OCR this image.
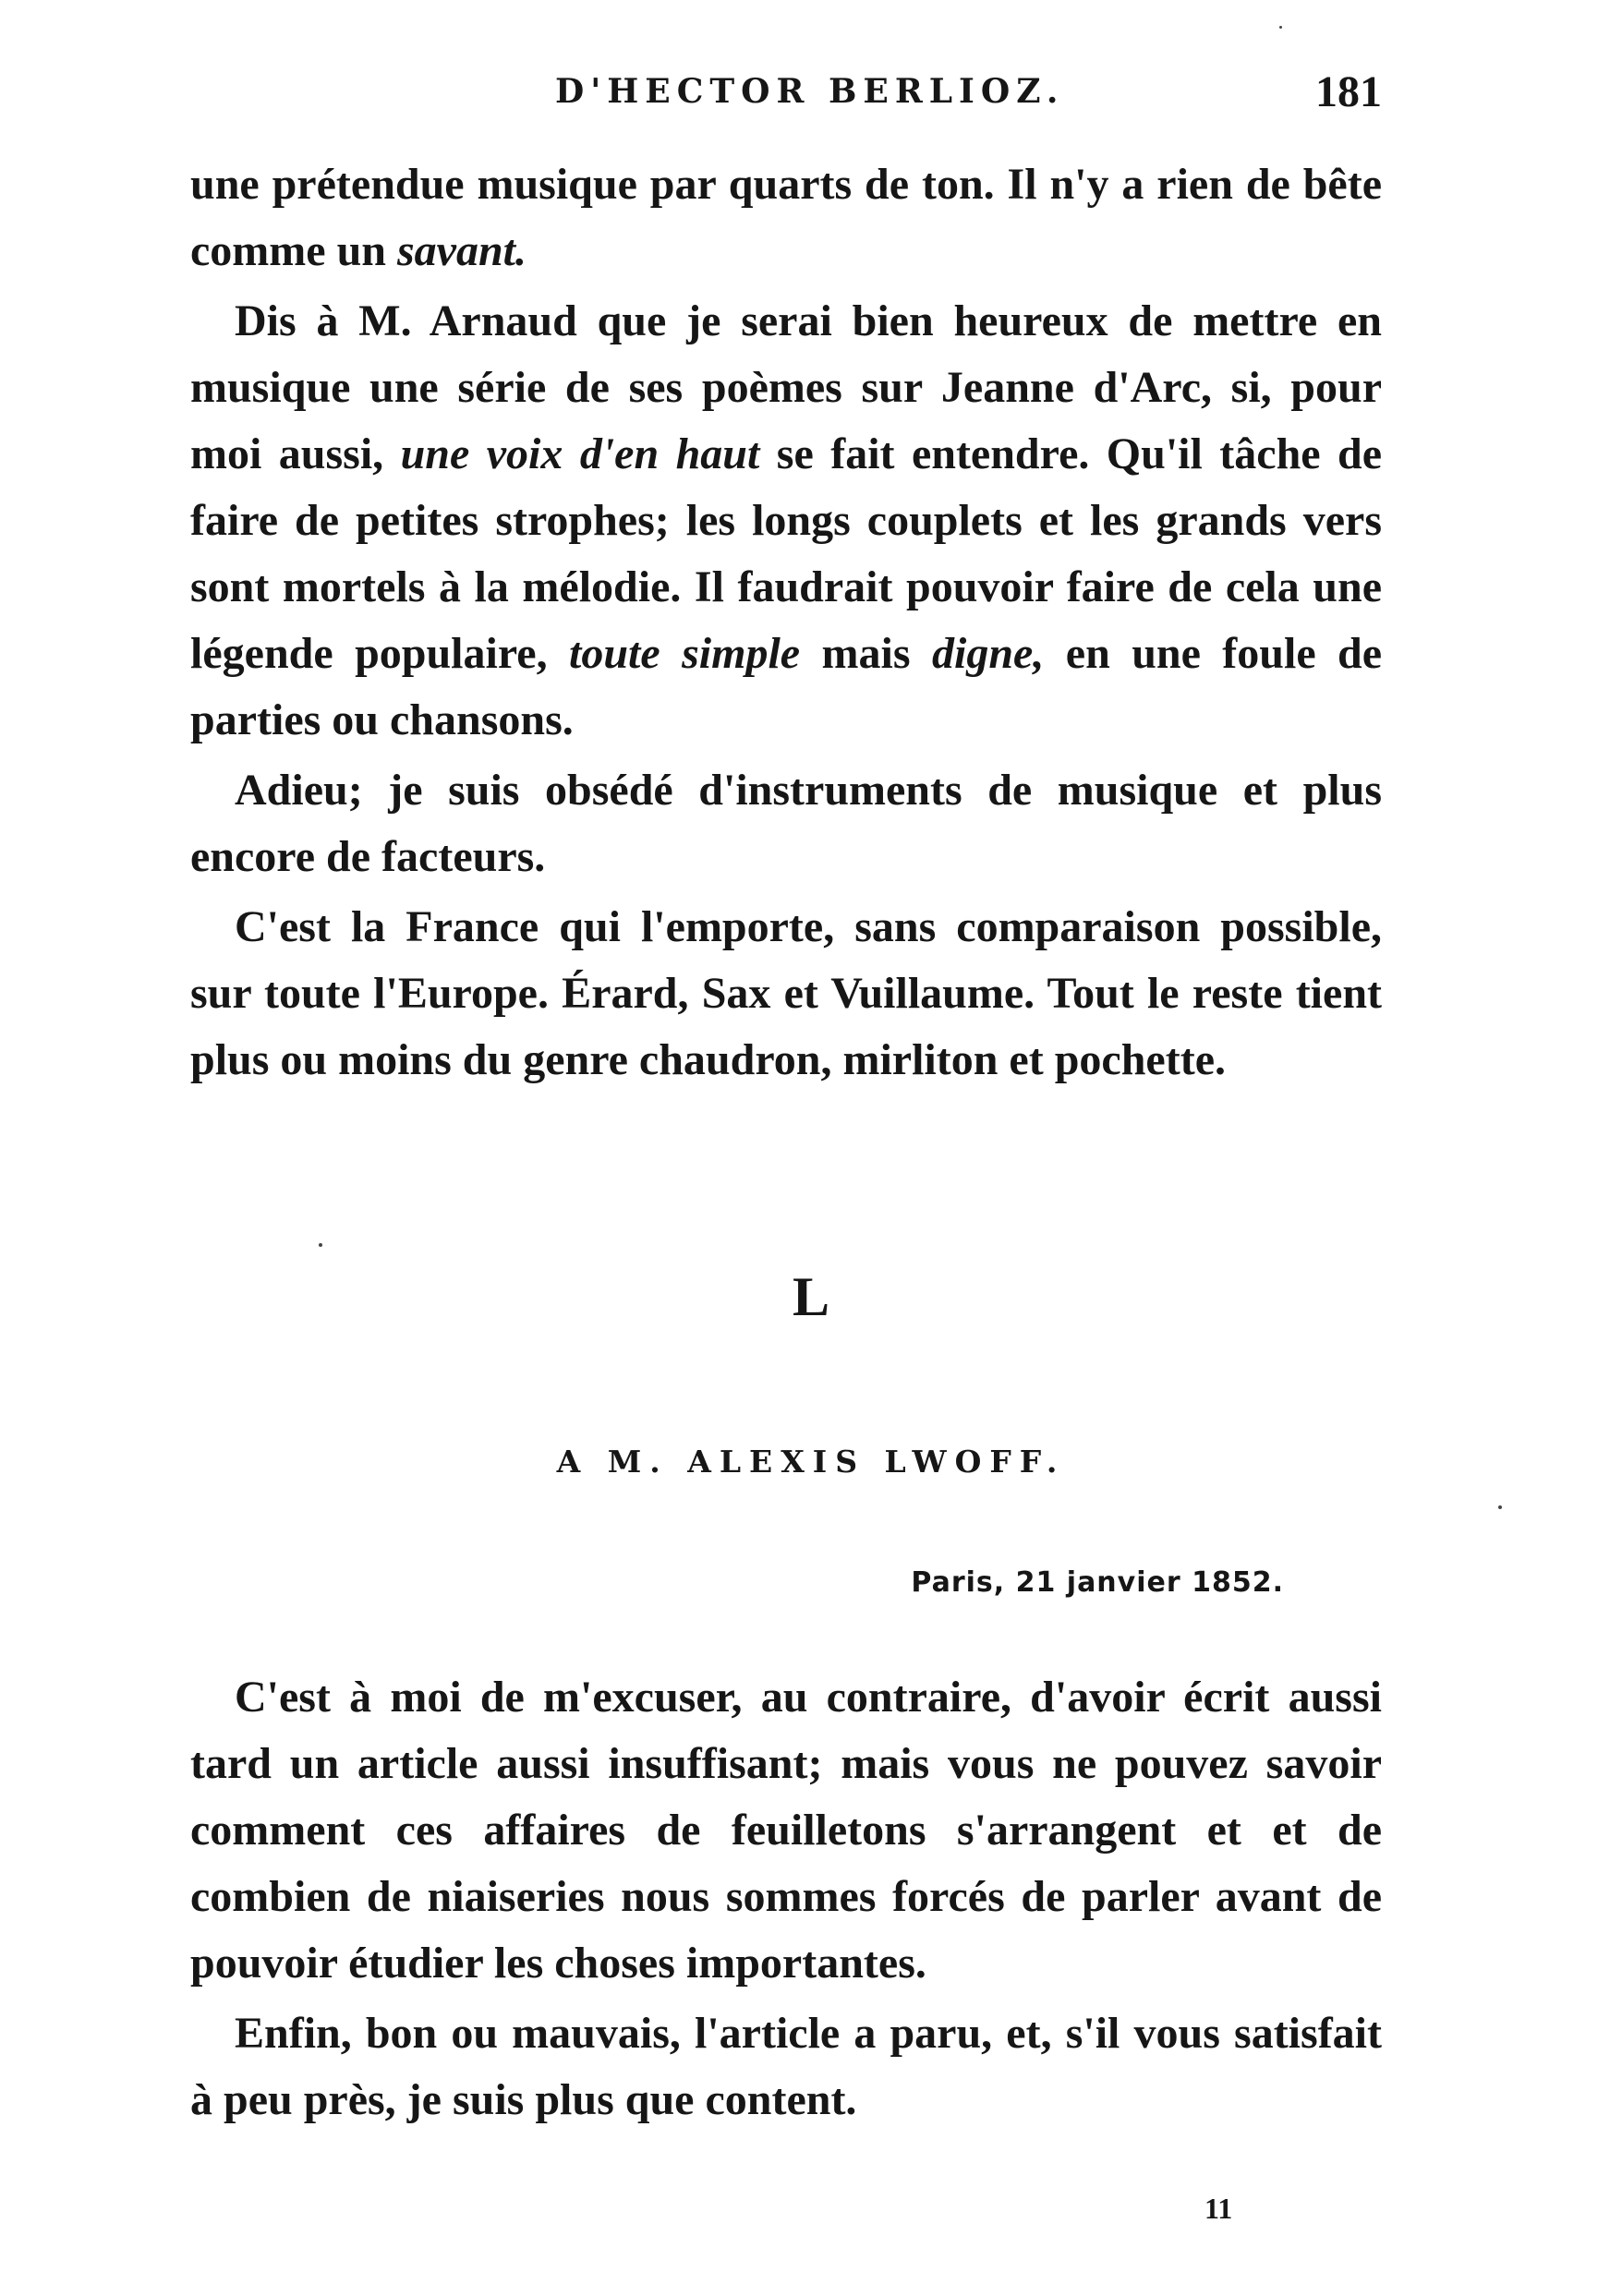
D'HECTOR BERLIOZ.	181

une prétendue musique par quarts de ton. Il n'y a rien de bête comme un savant.

Dis à M. Arnaud que je serai bien heureux de mettre en musique une série de ses poèmes sur Jeanne d'Arc, si, pour moi aussi, une voix d'en haut se fait entendre. Qu'il tâche de faire de petites strophes; les longs couplets et les grands vers sont mortels à la mélodie. Il faudrait pouvoir faire de cela une légende populaire, toute simple mais digne, en une foule de parties ou chansons.

Adieu; je suis obsédé d'instruments de musique et plus encore de facteurs.

C'est la France qui l'emporte, sans comparaison possible, sur toute l'Europe. Érard, Sax et Vuillaume. Tout le reste tient plus ou moins du genre chaudron, mirliton et pochette.

L
A M. ALEXIS LWOFF.
Paris, 21 janvier 1852.

C'est à moi de m'excuser, au contraire, d'avoir écrit aussi tard un article aussi insuffisant; mais vous ne pouvez savoir comment ces affaires de feuilletons s'arrangent et et de combien de niaiseries nous sommes forcés de parler avant de pouvoir étudier les choses importantes.

Enfin, bon ou mauvais, l'article a paru, et, s'il vous satisfait à peu près, je suis plus que content.

11
